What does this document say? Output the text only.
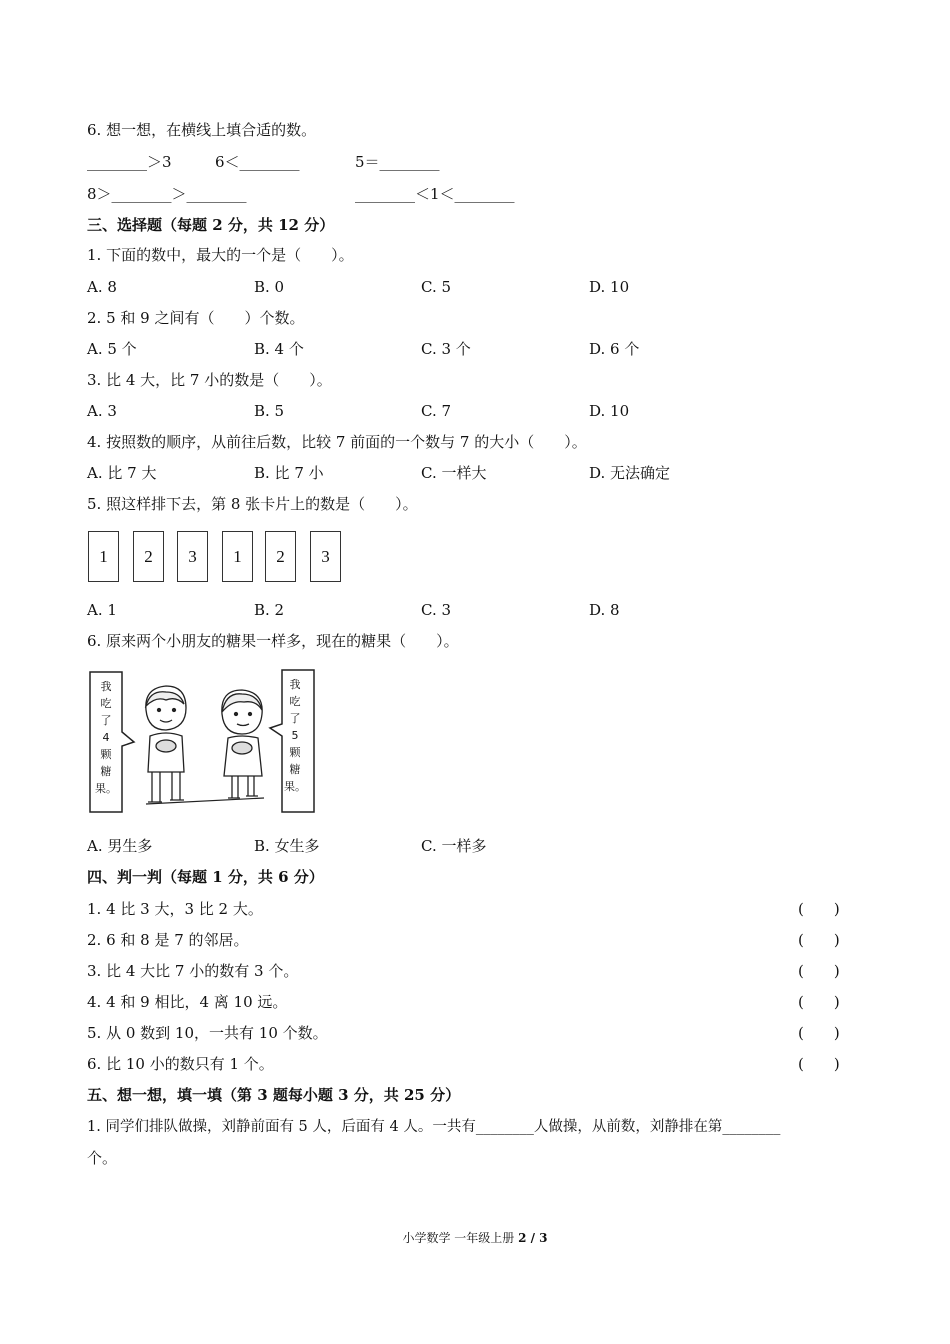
6. 想一想，在横线上填合适的数。
________＞3	6＜________	5＝________
8＞________＞________	________＜1＜________
三、选择题（每题 2 分，共 12 分）
1. 下面的数中，最大的一个是（　　）。
A. 8	B. 0	C. 5	D. 10
2. 5 和 9 之间有（　　）个数。
A. 5 个	B. 4 个	C. 3 个	D. 6 个
3. 比 4 大，比 7 小的数是（　　）。
A. 3	B. 5	C. 7	D. 10
4. 按照数的顺序，从前往后数，比较 7 前面的一个数与 7 的大小（　　）。
A. 比 7 大	B. 比 7 小	C. 一样大	D. 无法确定
5. 照这样排下去，第 8 张卡片上的数是（　　）。
1	2	3	1	2	3
A. 1	B. 2	C. 3	D. 8
6. 原来两个小朋友的糖果一样多，现在的糖果（　　）。
我
吃
了
4
颗
糖
果。
我
吃
了
5
颗
糖
果。
A. 男生多	B. 女生多	C. 一样多
四、判一判（每题 1 分，共 6 分）
1. 4 比 3 大，3 比 2 大。	(　　)
2. 6 和 8 是 7 的邻居。	(　　)
3. 比 4 大比 7 小的数有 3 个。	(　　)
4. 4 和 9 相比，4 离 10 远。	(　　)
5. 从 0 数到 10，一共有 10 个数。	(　　)
6. 比 10 小的数只有 1 个。	(　　)
五、想一想，填一填（第 3 题每小题 3 分，共 25 分）
1. 同学们排队做操，刘静前面有 5 人，后面有 4 人。一共有________人做操，从前数，刘静排在第________
个。
小学数学 一年级上册 2 / 3
